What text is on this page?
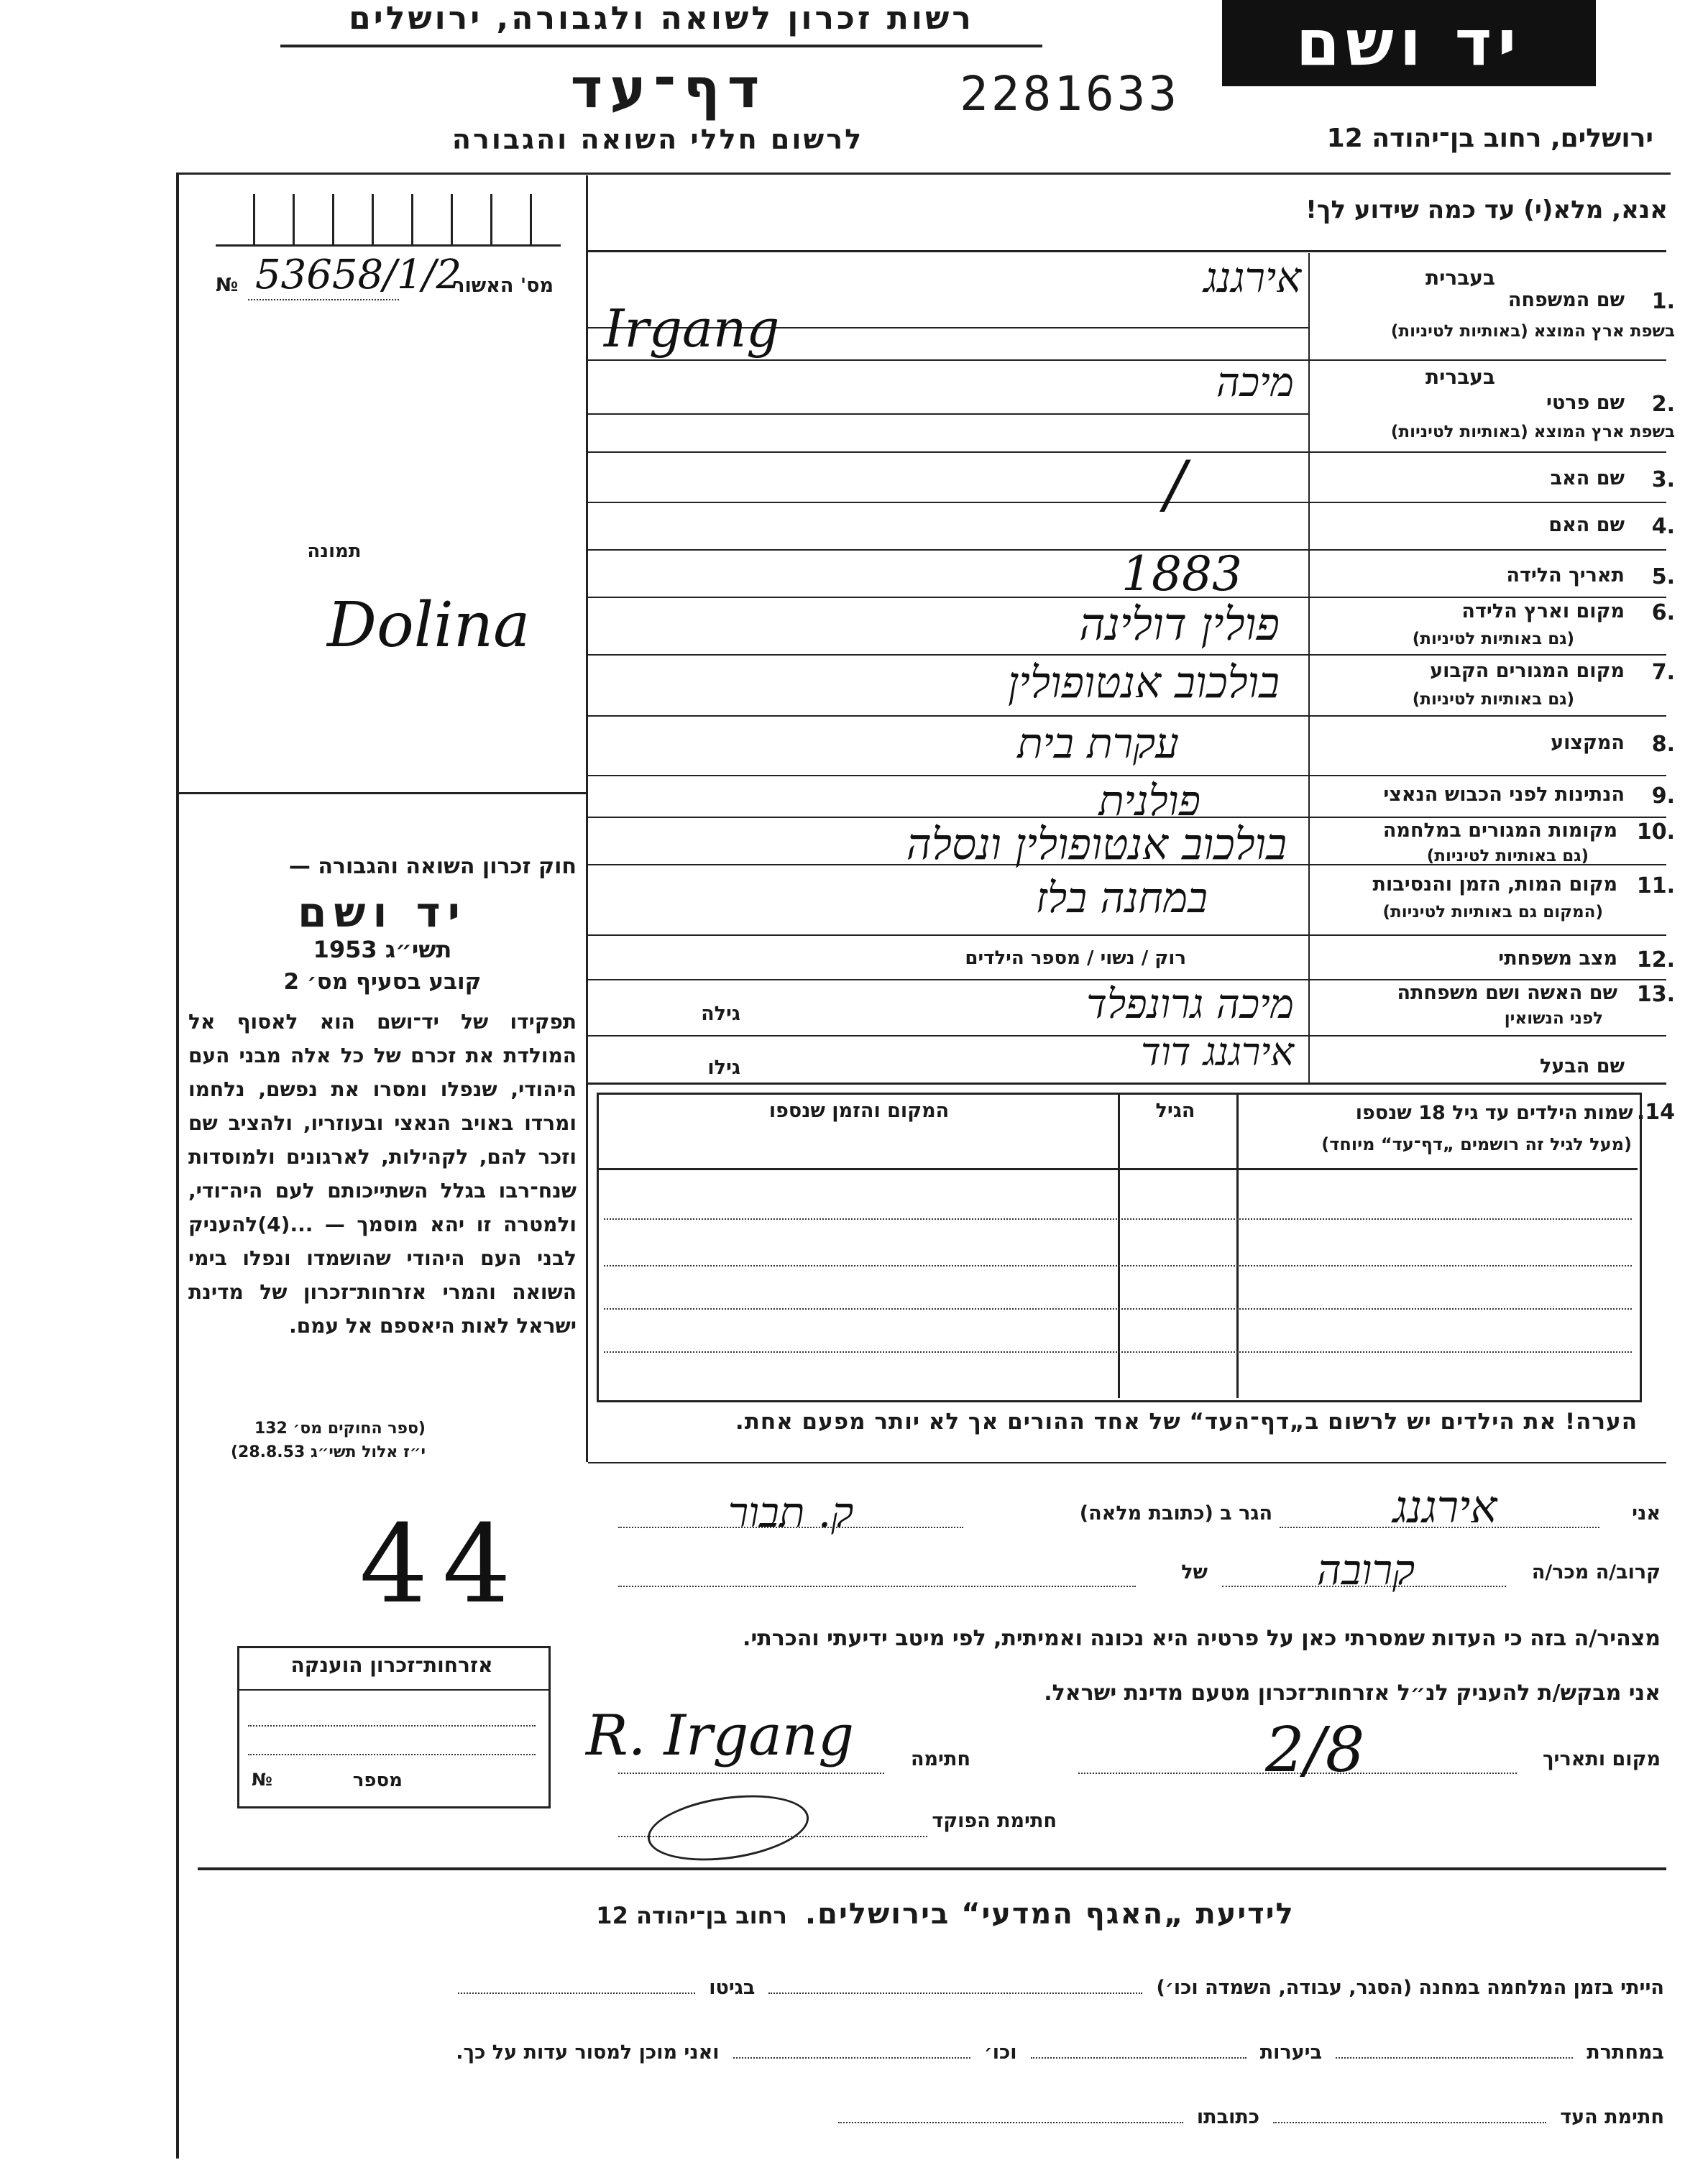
רשות זכרון לשואה ולגבורה, ירושלים
דף־עד	2281633
לרשום חללי השואה והגבורה
יד ושם
ירושלים, רחוב בן־יהודה 12
אנא, מלא(י) עד כמה שידוע לך!
מס' האשור
№ 53658/1/2
תמונה
Dolina
בעברית
1.
שם המשפחה
בשפת ארץ המוצא (באותיות לטיניות)
אירגנג
Irgang
בעברית
2.
שם פרטי
בשפת ארץ המוצא (באותיות לטיניות)
מיכה
3.
שם האב
/
4.
שם האם
5.
תאריך הלידה
1883
6.
מקום וארץ הלידה
(גם באותיות לטיניות)
פולין דולינה
7.
מקום המגורים הקבוע
(גם באותיות לטיניות)
בולכוב אנטופולין
8.
המקצוע
עקרת בית
9.
הנתינות לפני הכבוש הנאצי
פולנית
10.
מקומות המגורים במלחמה
(גם באותיות לטיניות)
בולכוב אנטופולין ונסלה
11.
מקום המות, הזמן והנסיבות
(המקום גם באותיות לטיניות)
במחנה בלז
12.
מצב משפחתי
רוק / נשוי / מספר הילדים
13.
שם האשה ושם משפחתה
לפני הנשואין
מיכה גרונפלד
גילה
שם הבעל
אירגנג דוד
גילו
14. שמות הילדים עד גיל 18 שנספו
(מעל לגיל זה רושמים „דף־עד“ מיוחד)
הגיל
המקום והזמן שנספו
הערה! את הילדים יש לרשום ב„דף־העד“ של אחד ההורים אך לא יותר מפעם אחת.
חוק זכרון השואה והגבורה —
יד ושם
תשי״ג 1953
קובע בסעיף מס׳ 2
תפקידו של יד־ושם הוא לאסוף אל המולדת את זכרם של כל אלה מבני העם היהודי, שנפלו ומסרו את נפשם, נלחמו ומרדו באויב הנאצי ובעוזריו, ולהציב שם וזכר להם, לקהילות, לארגונים ולמוסדות שנח־רבו בגלל השתייכותם לעם היה־ודי, ולמטרה זו יהא מוסמך — ...(4)להעניק לבני העם היהודי שהושמדו ונפלו בימי השואה והמרי אזרחות־זכרון של מדינת ישראל לאות היאספם אל עמם.
(ספר החוקים מס׳ 132
י״ז אלול תשי״ג 28.8.53)
44
אזרחות־זכרון הוענקה
מספר
№
אני
אירגנג
הגר ב (כתובת מלאה)
ק. תבור
קרוב/ה מכר/ה
קרובה
של
מצהיר/ה בזה כי העדות שמסרתי כאן על פרטיה היא נכונה ואמיתית, לפי מיטב ידיעתי והכרתי.
אני מבקש/ת להעניק לנ״ל אזרחות־זכרון מטעם מדינת ישראל.
מקום ותאריך
2/8
חתימה
R. Irgang
חתימת הפוקד
לידיעת „האגף המדעי“ בירושלים. רחוב בן־יהודה 12
הייתי בזמן המלחמה במחנה (הסגר, עבודה, השמדה וכו׳)  בגיטו
במחתרת  ביערות  וכו׳  ואני מוכן למסור עדות על כך.
חתימת העד  כתובתו
